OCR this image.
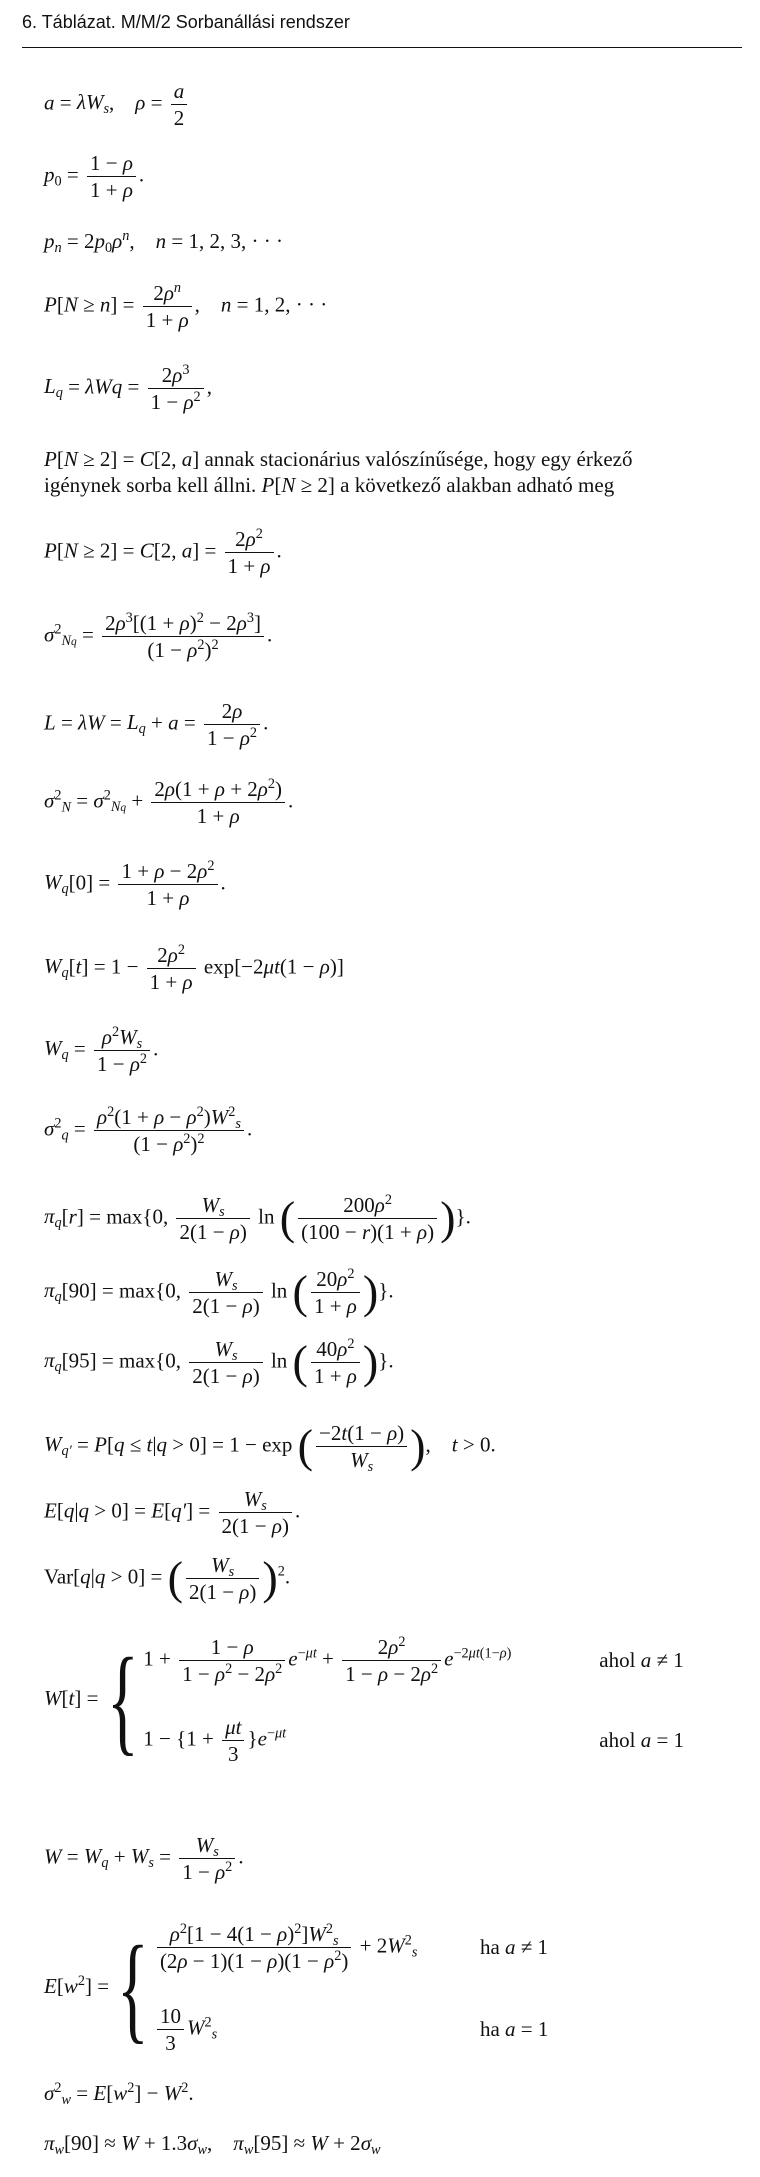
6. Táblázat. M/M/2 Sorbanállási rendszer
$a = \lambda W_s$,    $\rho = \frac{a}{2}$
$p_0 = \frac{1 - \rho}{1 + \rho}$ .
$p_n = 2p_0\rho^n$,    n = 1, 2, 3, · · ·
$P[N \ge n] = \frac{2\rho^n}{1 + \rho}$ ,    n = 1, 2, · · ·
$L_q = \lambda Wq = \frac{2\rho^3}{1 - \rho^2}$ ,
P[N ≥ 2] = C[2, a] annak stacionárius valószínűsége, hogy egy érkező
igénynek sorba kell állni. P[N ≥ 2] a következő alakban adható meg
P[N ≥ 2] = C[2, $a] = \frac{2\rho^2}{1 + \rho}$ .
$\sigma^2_{Nq} = \frac{2\rho^3[(1 + \rho)^2 - 2\rho^3]}{(1 - \rho^2)^2}$ .
$L = \lambda W = L_q + a = \frac{2\rho}{1 - \rho^2}$ .
$\sigma^2_N = \sigma^2_{Nq} + \frac{2\rho(1 + \rho + 2\rho^2)}{1 + \rho}$ .
$W_q[0] = \frac{1 + \rho - 2\rho^2}{1 + \rho}$ .
$W_q[t] = 1 - \frac{2\rho^2}{1 + \rho} \exp[-2\mu t(1 - \rho)]$
$W_q = \frac{\rho^2W_s}{1 - \rho^2}$ .
$\sigma^2_q = \frac{\rho^2(1 + \rho - \rho^2)W^2_s}{(1 - \rho^2)^2}$ .
$\pi_q[r] = \max\{0$, $\frac{W_s}{2(1 - \rho)}$ ln ( $\frac{200\rho^2}{(100 - r)(1 + \rho)}$ )}.
$\pi_q[90] = \max\{0$, $\frac{W_s}{2(1 - \rho)}$ ln ( $\frac{20\rho^2}{1 + \rho}$ )}.
$\pi_q[95] = \max\{0$, $\frac{W_s}{2(1 - \rho)}$ ln ( $\frac{40\rho^2}{1 + \rho}$ )}.
$W_{q'} = P[q \le t|q > 0] = 1 - \exp$ ( $\frac{-2t(1 - \rho)}{W_s}$ ),    t > 0.
$E[q|q > 0] = E[q'] = \frac{W_s}{2(1 - \rho)}$ .
Var[q|q > 0] = ( $\frac{W_s}{2(1 - \rho)} )^2$.
W[t] = { $1 + \frac{1 - \rho}{1 - \rho^2 - 2\rho^2} e^{-\mu t} + \frac{2\rho^2}{1 - \rho - 2\rho^2} e^{-2\mu t(1-\rho)}$	ahol a ≠ 1
$1 - \{1 + \frac{\mu t}{3} \}e^{-\mu t}$	ahol a = 1
$W = W_q + W_s = \frac{W_s}{1 - \rho^2}$ .
$E[w^2]$ = { $\frac{\rho^2[1 - 4(1 - \rho)^2]W^2_s}{(2\rho - 1)(1 - \rho)(1 - \rho^2)} + 2W^2_s$	ha a ≠ 1
$\frac{10}{3} W^2_s$	ha a = 1
$\sigma^2_w = E[w^2] - W^2$.
$\pi_w[90] \approx W + 1.3\sigma_w$,    $\pi_w[95] \approx W + 2\sigma_w$
